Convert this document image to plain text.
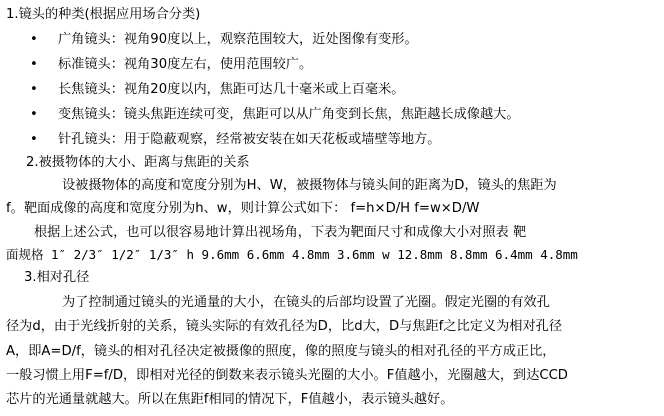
1.镜头的种类(根据应用场合分类)
• 广角镜头：视角90度以上，观察范围较大，近处图像有变形。
• 标准镜头：视角30度左右，使用范围较广。
• 长焦镜头：视角20度以内，焦距可达几十毫米或上百毫米。
• 变焦镜头：镜头焦距连续可变，焦距可以从广角变到长焦，焦距越长成像越大。
• 针孔镜头：用于隐蔽观察，经常被安装在如天花板或墙壁等地方。
2.被摄物体的大小、距离与焦距的关系
设被摄物体的高度和宽度分别为H、W，被摄物体与镜头间的距离为D，镜头的焦距为
f。靶面成像的高度和宽度分别为h、w，则计算公式如下： f=h×D/H f=w×D/W
根据上述公式，也可以很容易地计算出视场角，下表为靶面尺寸和成像大小对照表 靶
面规格 1″ 2/3″ 1/2″ 1/3″ h 9.6mm 6.6mm 4.8mm 3.6mm w 12.8mm 8.8mm 6.4mm 4.8mm
3.相对孔径
为了控制通过镜头的光通量的大小，在镜头的后部均设置了光圈。假定光圈的有效孔
径为d，由于光线折射的关系，镜头实际的有效孔径为D，比d大，D与焦距f之比定义为相对孔径
A，即A=D/f，镜头的相对孔径决定被摄像的照度，像的照度与镜头的相对孔径的平方成正比，
一般习惯上用F=f/D，即相对光径的倒数来表示镜头光圈的大小。F值越小，光圈越大，到达CCD
芯片的光通量就越大。所以在焦距f相同的情况下，F值越小，表示镜头越好。
